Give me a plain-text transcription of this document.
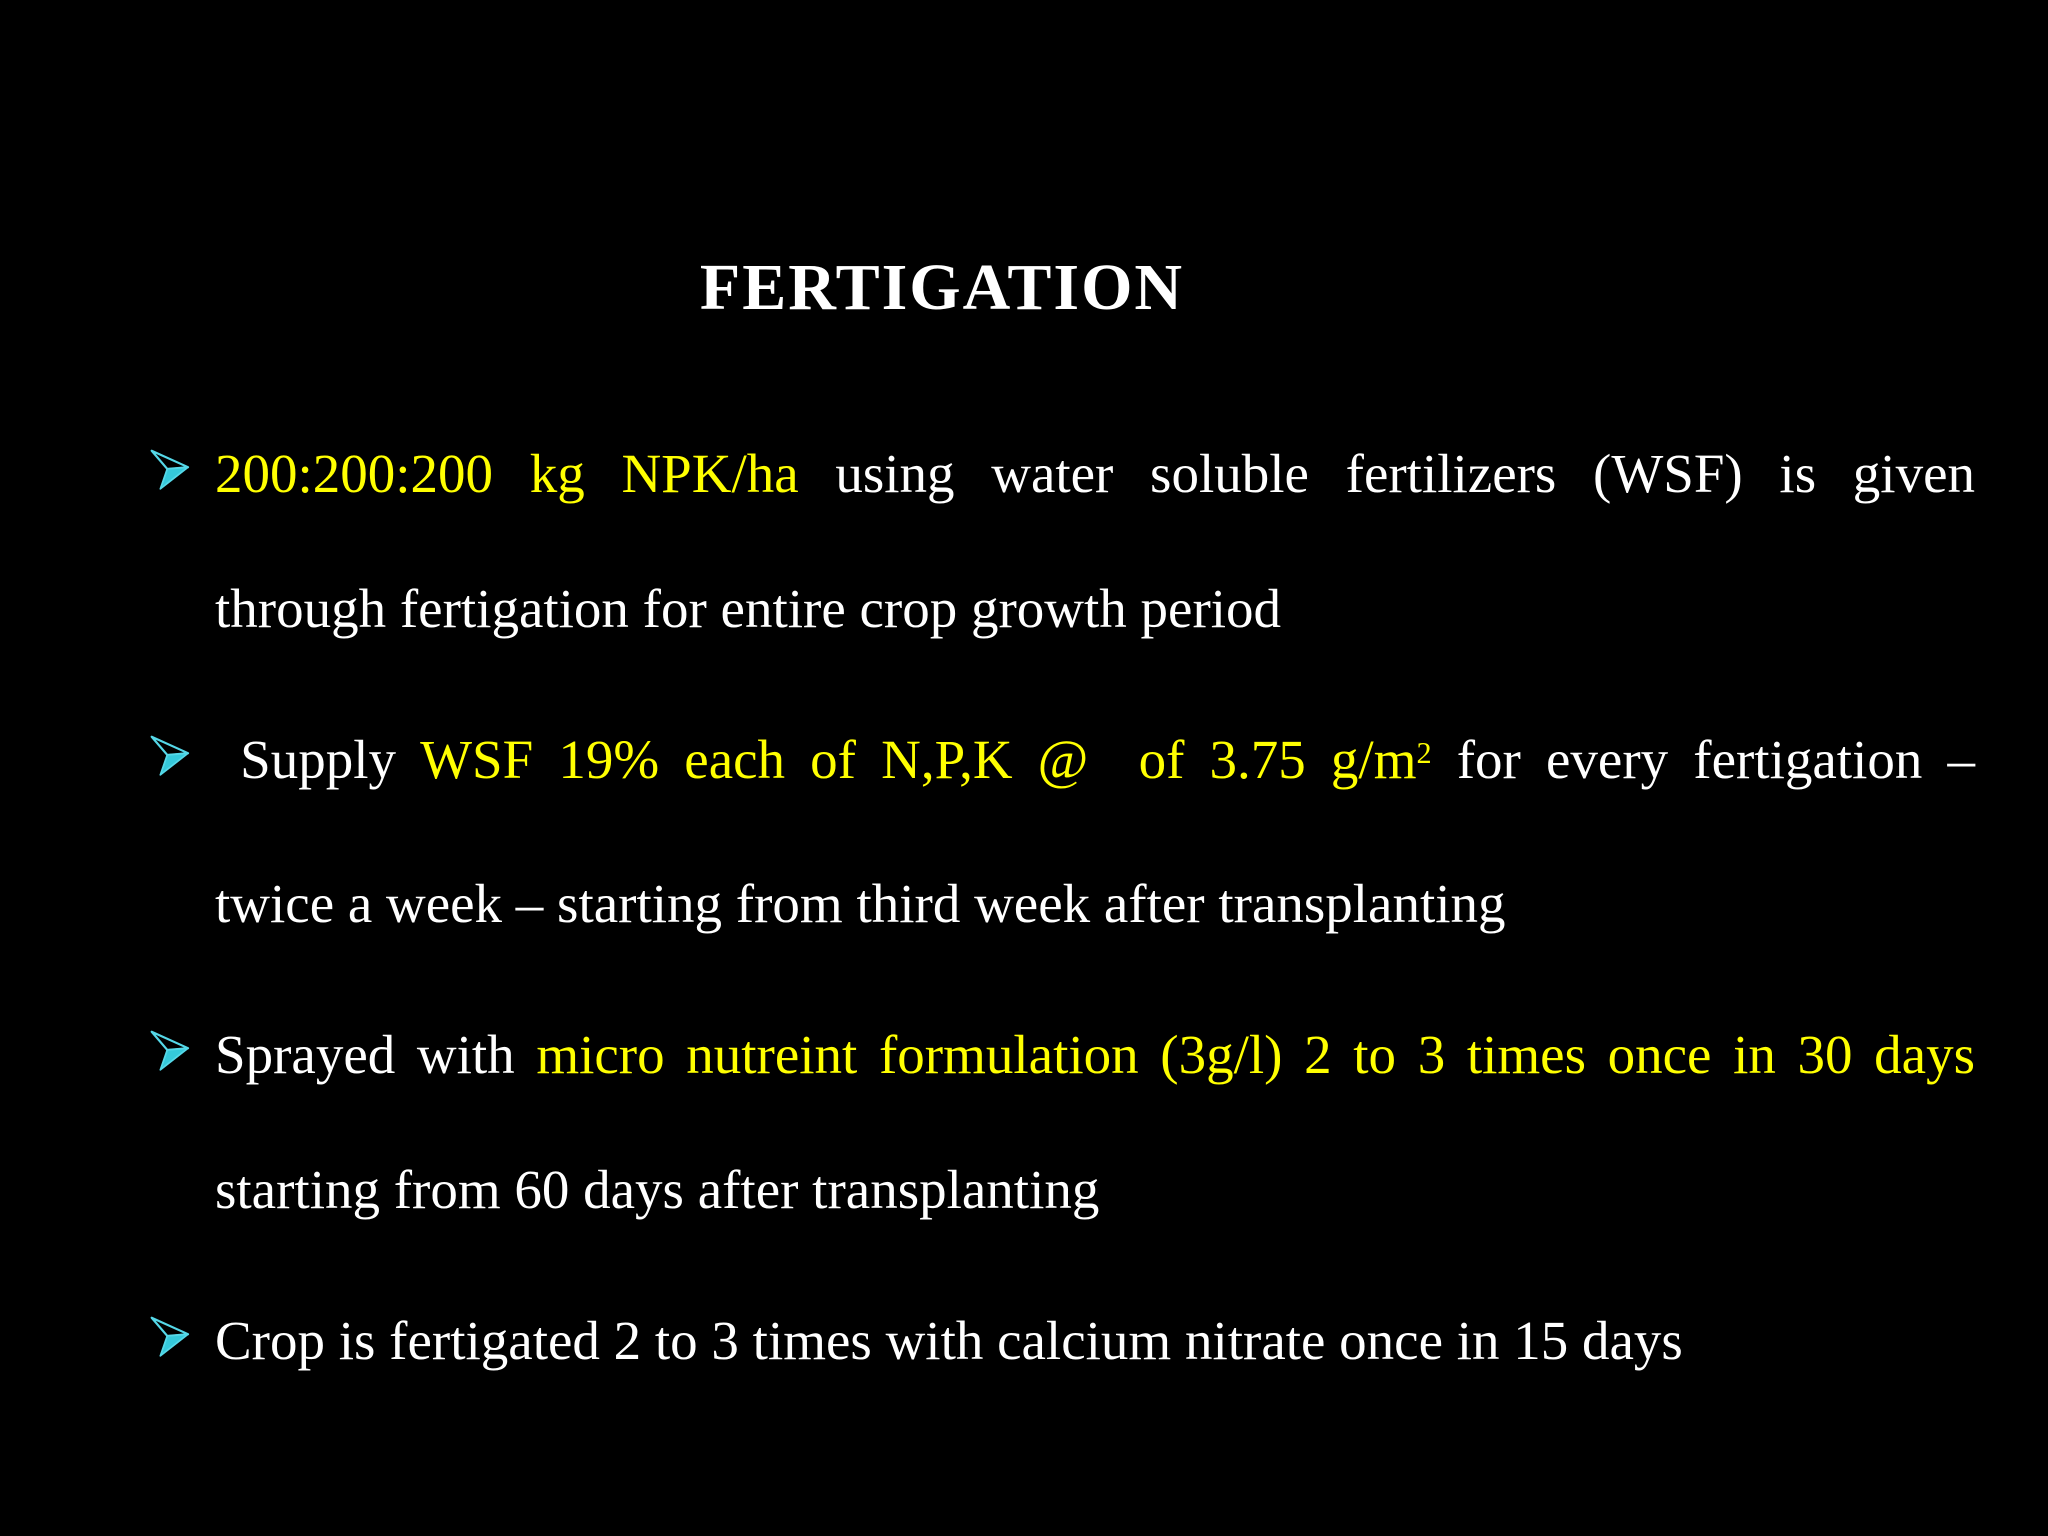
FERTIGATION
200:200:200 kg NPK/ha using water soluble fertilizers (WSF) is given
through fertigation for entire crop growth period
Supply WSF 19% each of N,P,K @  of 3.75 $g/m^2$ for every fertigation –
twice a week – starting from third week after transplanting
Sprayed with micro nutreint formulation (3g/l) 2 to 3 times once in 30 days
starting from 60 days after transplanting
Crop is fertigated 2 to 3 times with calcium nitrate once in 15 days
